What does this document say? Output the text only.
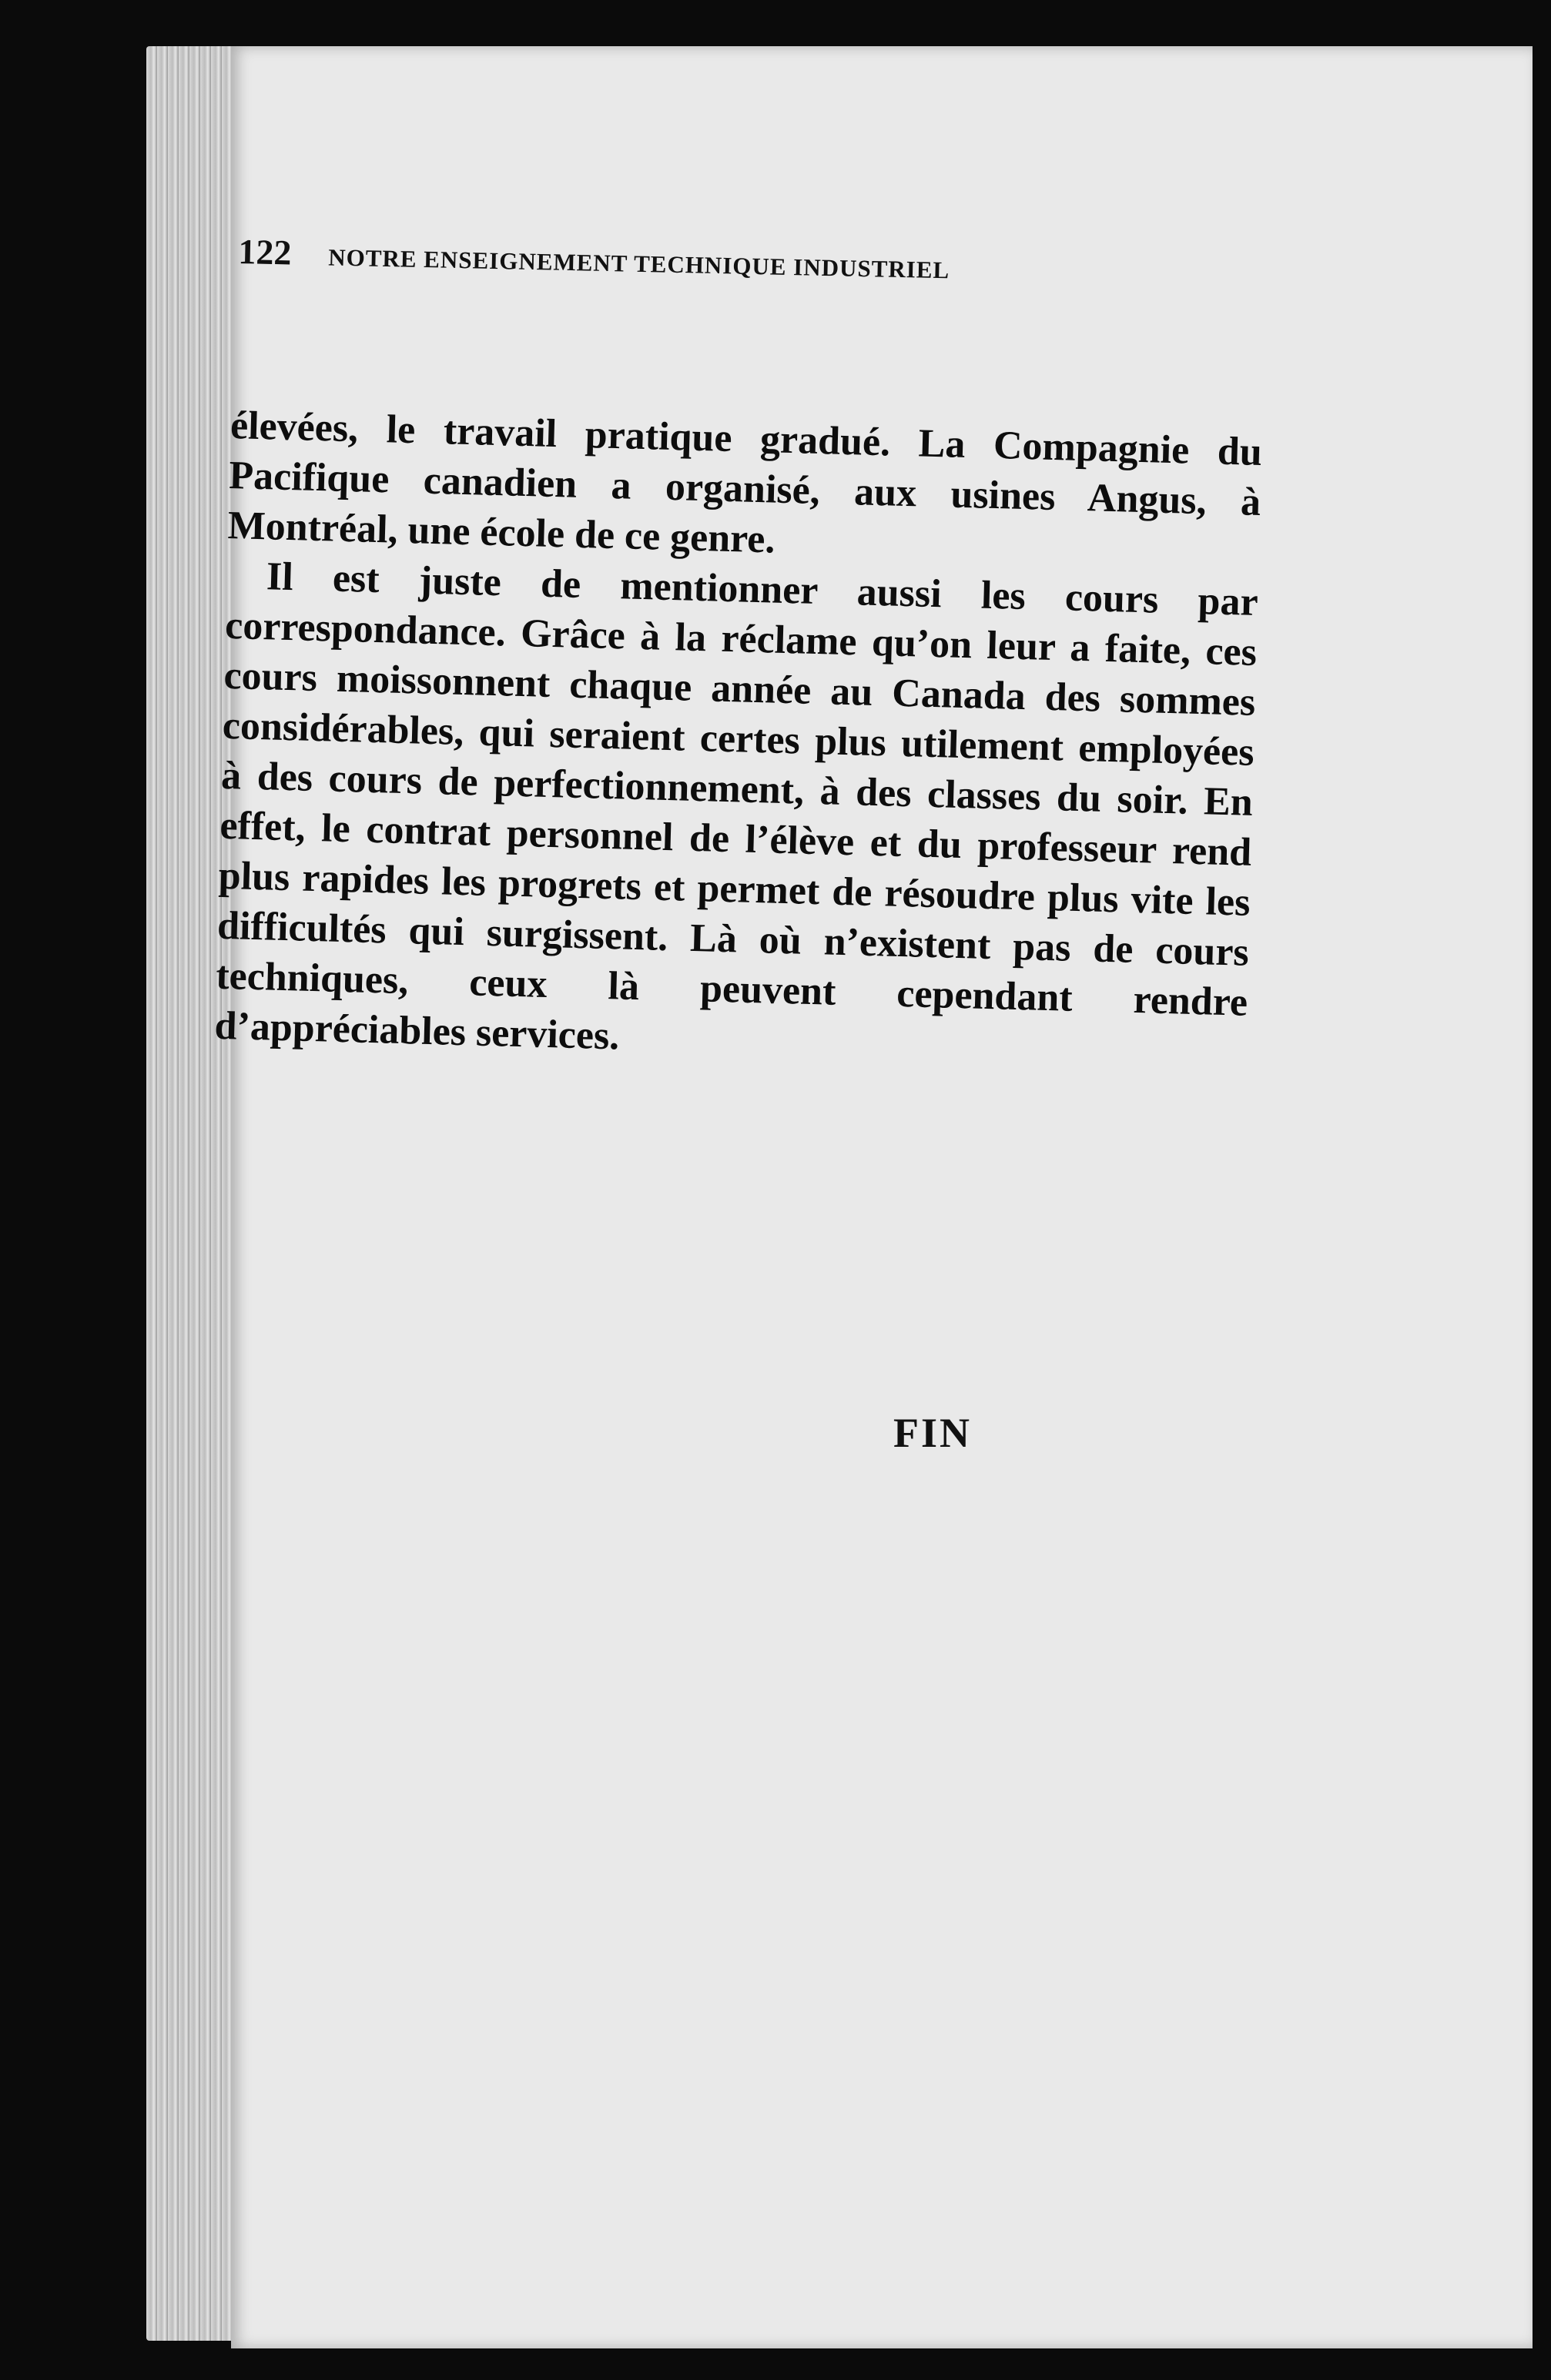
122 NOTRE ENSEIGNEMENT TECHNIQUE INDUSTRIEL

élevées, le travail pratique gradué. La Compagnie du Pacifique canadien a organisé, aux usines Angus, à Montréal, une école de ce genre.

Il est juste de mentionner aussi les cours par correspondance. Grâce à la réclame qu’on leur a faite, ces cours moissonnent chaque année au Canada des sommes considérables, qui seraient certes plus utilement employées à des cours de perfectionnement, à des classes du soir. En effet, le contrat personnel de l’élève et du professeur rend plus rapides les progrets et permet de résoudre plus vite les difficultés qui surgissent. Là où n’existent pas de cours techniques, ceux là peuvent cependant rendre d’appréciables services.

FIN
